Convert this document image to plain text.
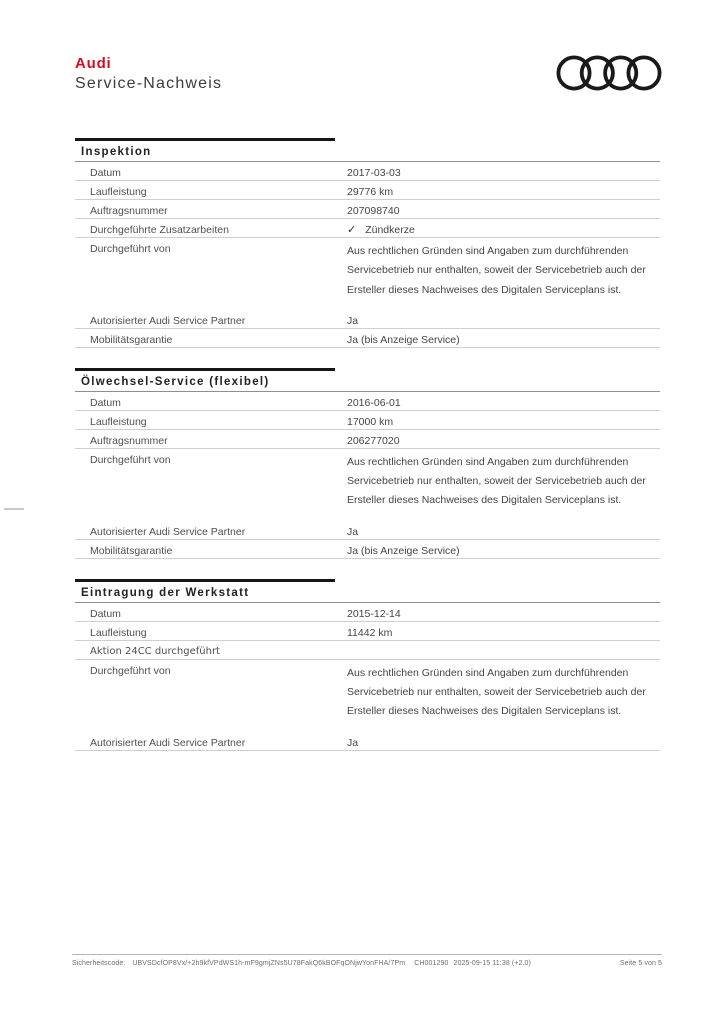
Audi
Service-Nachweis
Inspektion
Datum	2017-03-03
Laufleistung	29776 km
Auftragsnummer	207098740
Durchgeführte Zusatzarbeiten	✓ Zündkerze
Durchgeführt von	Aus rechtlichen Gründen sind Angaben zum durchführenden
Servicebetrieb nur enthalten, soweit der Servicebetrieb auch der
Ersteller dieses Nachweises des Digitalen Serviceplans ist.
Autorisierter Audi Service Partner	Ja
Mobilitätsgarantie	Ja (bis Anzeige Service)
Ölwechsel-Service (flexibel)
Datum	2016-06-01
Laufleistung	17000 km
Auftragsnummer	206277020
Durchgeführt von	Aus rechtlichen Gründen sind Angaben zum durchführenden
Servicebetrieb nur enthalten, soweit der Servicebetrieb auch der
Ersteller dieses Nachweises des Digitalen Serviceplans ist.
Autorisierter Audi Service Partner	Ja
Mobilitätsgarantie	Ja (bis Anzeige Service)
Eintragung der Werkstatt
Datum	2015-12-14
Laufleistung	11442 km
Aktion 24CC durchgeführt
Durchgeführt von	Aus rechtlichen Gründen sind Angaben zum durchführenden
Servicebetrieb nur enthalten, soweit der Servicebetrieb auch der
Ersteller dieses Nachweises des Digitalen Serviceplans ist.
Autorisierter Audi Service Partner	Ja
Sicherheitscode: UBVSDcfOP8Vx/+2h9kfVPdWS1h-mF9gmjZNs5U78FakQ6kBOFqONjwYonFHA/7Pm CH001290 2025-09-15 11:38 (+2.0)	Seite 5 von 5
